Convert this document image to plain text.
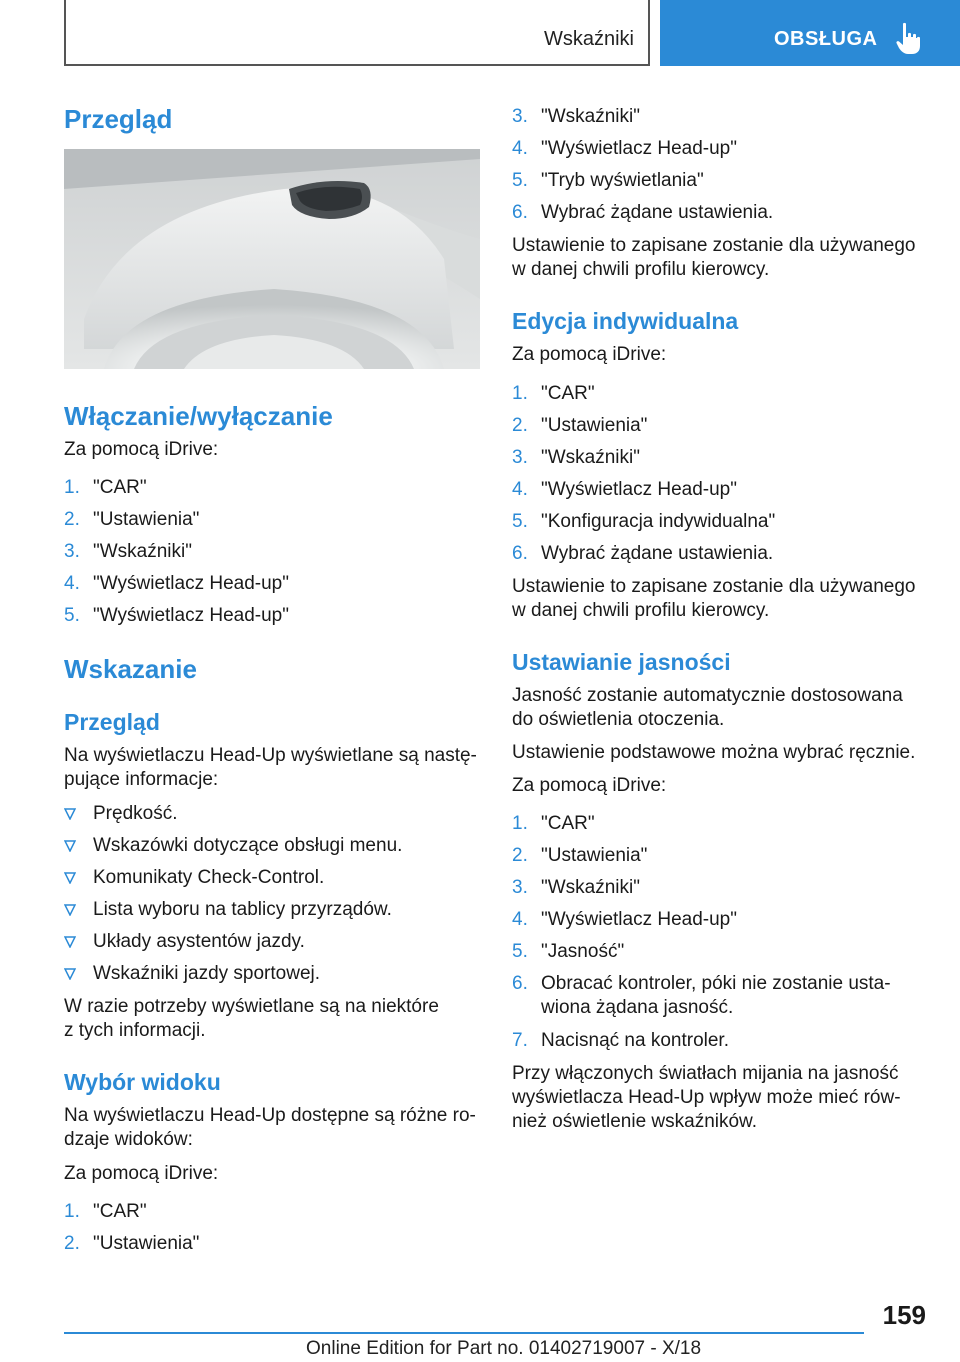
Wskaźniki	OBSŁUGA
Przegląd
Włączanie/wyłączanie
Za pomocą iDrive:
1. "CAR"
2. "Ustawienia"
3. "Wskaźniki"
4. "Wyświetlacz Head-up"
5. "Wyświetlacz Head-up"
Wskazanie
Przegląd
Na wyświetlaczu Head-Up wyświetlane są nastę-
pujące informacje:
Prędkość.
Wskazówki dotyczące obsługi menu.
Komunikaty Check-Control.
Lista wyboru na tablicy przyrządów.
Układy asystentów jazdy.
Wskaźniki jazdy sportowej.
W razie potrzeby wyświetlane są na niektóre
z tych informacji.
Wybór widoku
Na wyświetlaczu Head-Up dostępne są różne ro-
dzaje widoków:
Za pomocą iDrive:
1. "CAR"
2. "Ustawienia"
3. "Wskaźniki"
4. "Wyświetlacz Head-up"
5. "Tryb wyświetlania"
6. Wybrać żądane ustawienia.
Ustawienie to zapisane zostanie dla używanego
w danej chwili profilu kierowcy.
Edycja indywidualna
Za pomocą iDrive:
1. "CAR"
2. "Ustawienia"
3. "Wskaźniki"
4. "Wyświetlacz Head-up"
5. "Konfiguracja indywidualna"
6. Wybrać żądane ustawienia.
Ustawienie to zapisane zostanie dla używanego
w danej chwili profilu kierowcy.
Ustawianie jasności
Jasność zostanie automatycznie dostosowana
do oświetlenia otoczenia.
Ustawienie podstawowe można wybrać ręcznie.
Za pomocą iDrive:
1. "CAR"
2. "Ustawienia"
3. "Wskaźniki"
4. "Wyświetlacz Head-up"
5. "Jasność"
6. Obracać kontroler, póki nie zostanie usta-
wiona żądana jasność.
7. Nacisnąć na kontroler.
Przy włączonych światłach mijania na jasność
wyświetlacza Head-Up wpływ może mieć rów-
nież oświetlenie wskaźników.
159
Online Edition for Part no. 01402719007 - X/18
